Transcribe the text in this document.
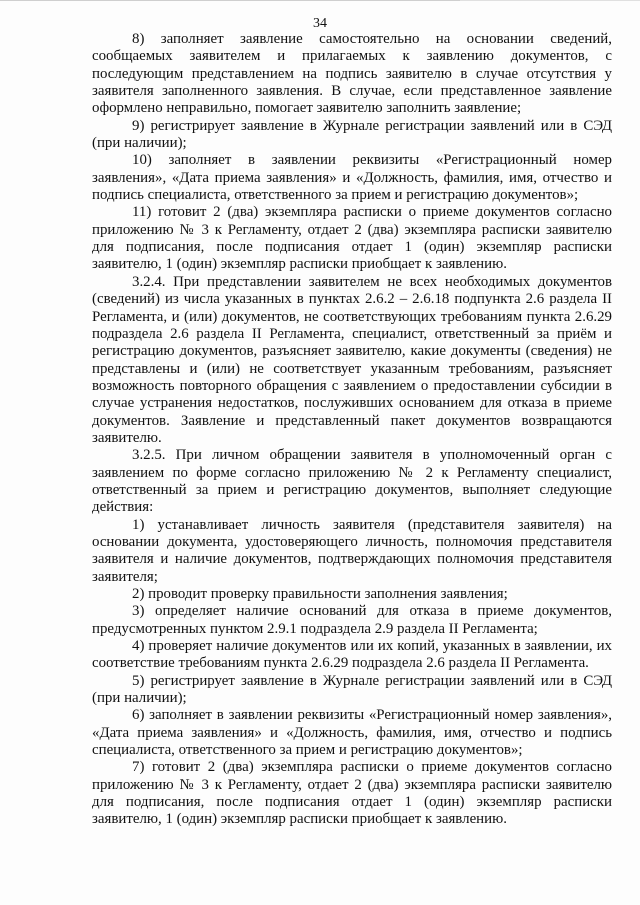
34

8) заполняет заявление самостоятельно на основании сведений, сообщаемых заявителем и прилагаемых к заявлению документов, с последующим представлением на подпись заявителю в случае отсутствия у заявителя заполненного заявления. В случае, если представленное заявление оформлено неправильно, помогает заявителю заполнить заявление;

9) регистрирует заявление в Журнале регистрации заявлений или в СЭД (при наличии);

10) заполняет в заявлении реквизиты «Регистрационный номер заявления», «Дата приема заявления» и «Должность, фамилия, имя, отчество и подпись специалиста, ответственного за прием и регистрацию документов»;

11) готовит 2 (два) экземпляра расписки о приеме документов согласно приложению № 3 к Регламенту, отдает 2 (два) экземпляра расписки заявителю для подписания, после подписания отдает 1 (один) экземпляр расписки заявителю, 1 (один) экземпляр расписки приобщает к заявлению.

3.2.4. При представлении заявителем не всех необходимых документов (сведений) из числа указанных в пунктах 2.6.2 – 2.6.18 подпункта 2.6 раздела II Регламента, и (или) документов, не соответствующих требованиям пункта 2.6.29 подраздела 2.6 раздела II Регламента, специалист, ответственный за приём и регистрацию документов, разъясняет заявителю, какие документы (сведения) не представлены и (или) не соответствует указанным требованиям, разъясняет возможность повторного обращения с заявлением о предоставлении субсидии в случае устранения недостатков, послуживших основанием для отказа в приеме документов. Заявление и представленный пакет документов возвращаются заявителю.

3.2.5. При личном обращении заявителя в уполномоченный орган с заявлением по форме согласно приложению № 2 к Регламенту специалист, ответственный за прием и регистрацию документов, выполняет следующие действия:

1) устанавливает личность заявителя (представителя заявителя) на основании документа, удостоверяющего личность, полномочия представителя заявителя и наличие документов, подтверждающих полномочия представителя заявителя;

2) проводит проверку правильности заполнения заявления;

3) определяет наличие оснований для отказа в приеме документов, предусмотренных пунктом 2.9.1 подраздела 2.9 раздела II Регламента;

4) проверяет наличие документов или их копий, указанных в заявлении, их соответствие требованиям пункта 2.6.29 подраздела 2.6 раздела II Регламента.

5) регистрирует заявление в Журнале регистрации заявлений или в СЭД (при наличии);

6) заполняет в заявлении реквизиты «Регистрационный номер заявления», «Дата приема заявления» и «Должность, фамилия, имя, отчество и подпись специалиста, ответственного за прием и регистрацию документов»;

7) готовит 2 (два) экземпляра расписки о приеме документов согласно приложению № 3 к Регламенту, отдает 2 (два) экземпляра расписки заявителю для подписания, после подписания отдает 1 (один) экземпляр расписки заявителю, 1 (один) экземпляр расписки приобщает к заявлению.
